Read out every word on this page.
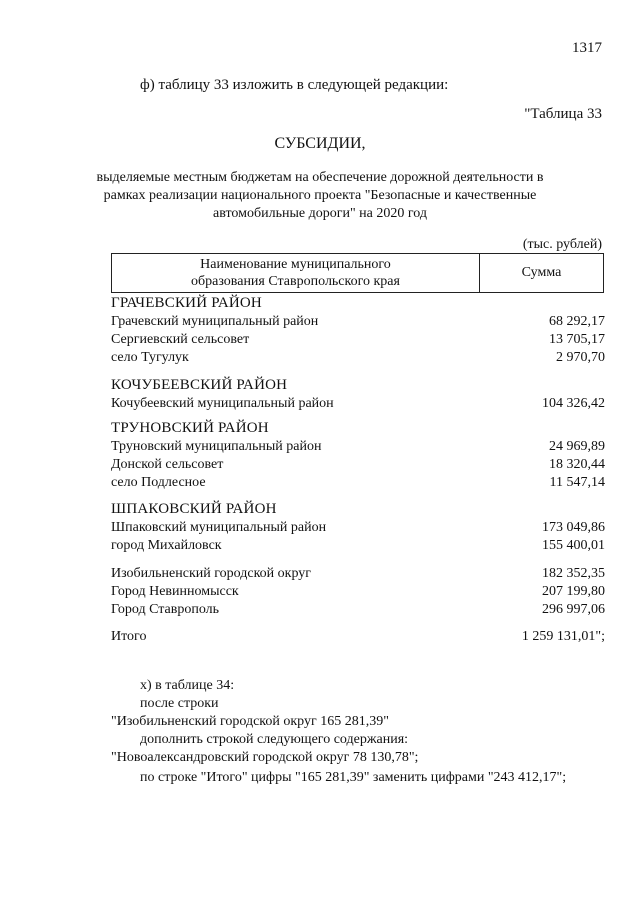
1317
ф) таблицу 33 изложить в следующей редакции:
"Таблица 33
СУБСИДИИ,
выделяемые местным бюджетам на обеспечение дорожной деятельности в
рамках реализации национального проекта "Безопасные и качественные
автомобильные дороги" на 2020 год
(тыс. рублей)
Наименование муниципального
образования Ставропольского края
Сумма
ГРАЧЕВСКИЙ РАЙОН
Грачевский муниципальный район	68 292,17
Сергиевский сельсовет	13 705,17
село Тугулук	2 970,70
КОЧУБЕЕВСКИЙ РАЙОН
Кочубеевский муниципальный район	104 326,42
ТРУНОВСКИЙ РАЙОН
Труновский муниципальный район	24 969,89
Донской сельсовет	18 320,44
село Подлесное	11 547,14
ШПАКОВСКИЙ РАЙОН
Шпаковский муниципальный район	173 049,86
город Михайловск	155 400,01
Изобильненский городской округ	182 352,35
Город Невинномысск	207 199,80
Город Ставрополь	296 997,06
Итого	1 259 131,01";
х) в таблице 34:
после строки
"Изобильненский городской округ 165 281,39"
дополнить строкой следующего содержания:
"Новоалександровский городской округ 78 130,78";
по строке "Итого" цифры "165 281,39" заменить цифрами "243 412,17";
